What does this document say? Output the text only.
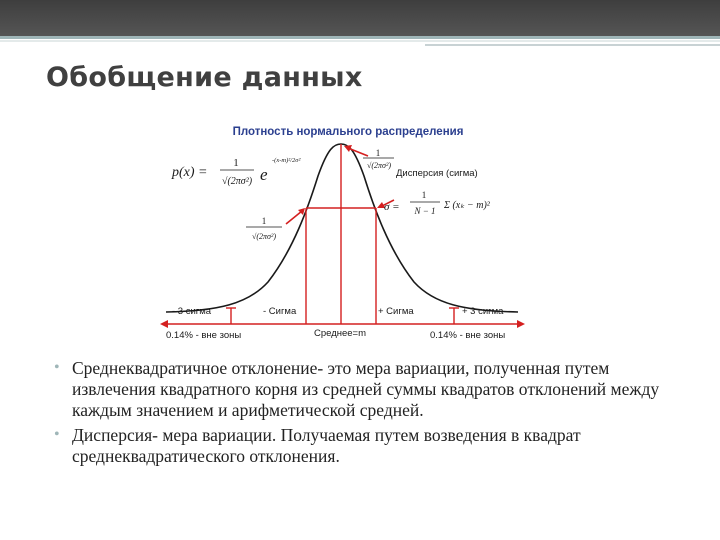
Обобщение данных
Плотность нормального распределения
p(x) =
1
√(2πσ²) e
-(x-m)²/2σ²
1
√(2πσ²)
Дисперсия (сигма)
σ =
1
N − 1 Σ (xₖ − m)²
1
√(2πσ²)
- 3 сигма	- Сигма	+ Сигма	+ 3 сигма
0.14% - вне зоны	0.14% - вне зоны
Среднее=m
• Среднеквадратичное отклонение- это мера вариации, полученная путем извлечения квадратного корня из средней суммы квадратов отклонений между каждым значением и арифметической средней.
• Дисперсия- мера вариации. Получаемая путем возведения в квадрат среднеквадратического отклонения.
